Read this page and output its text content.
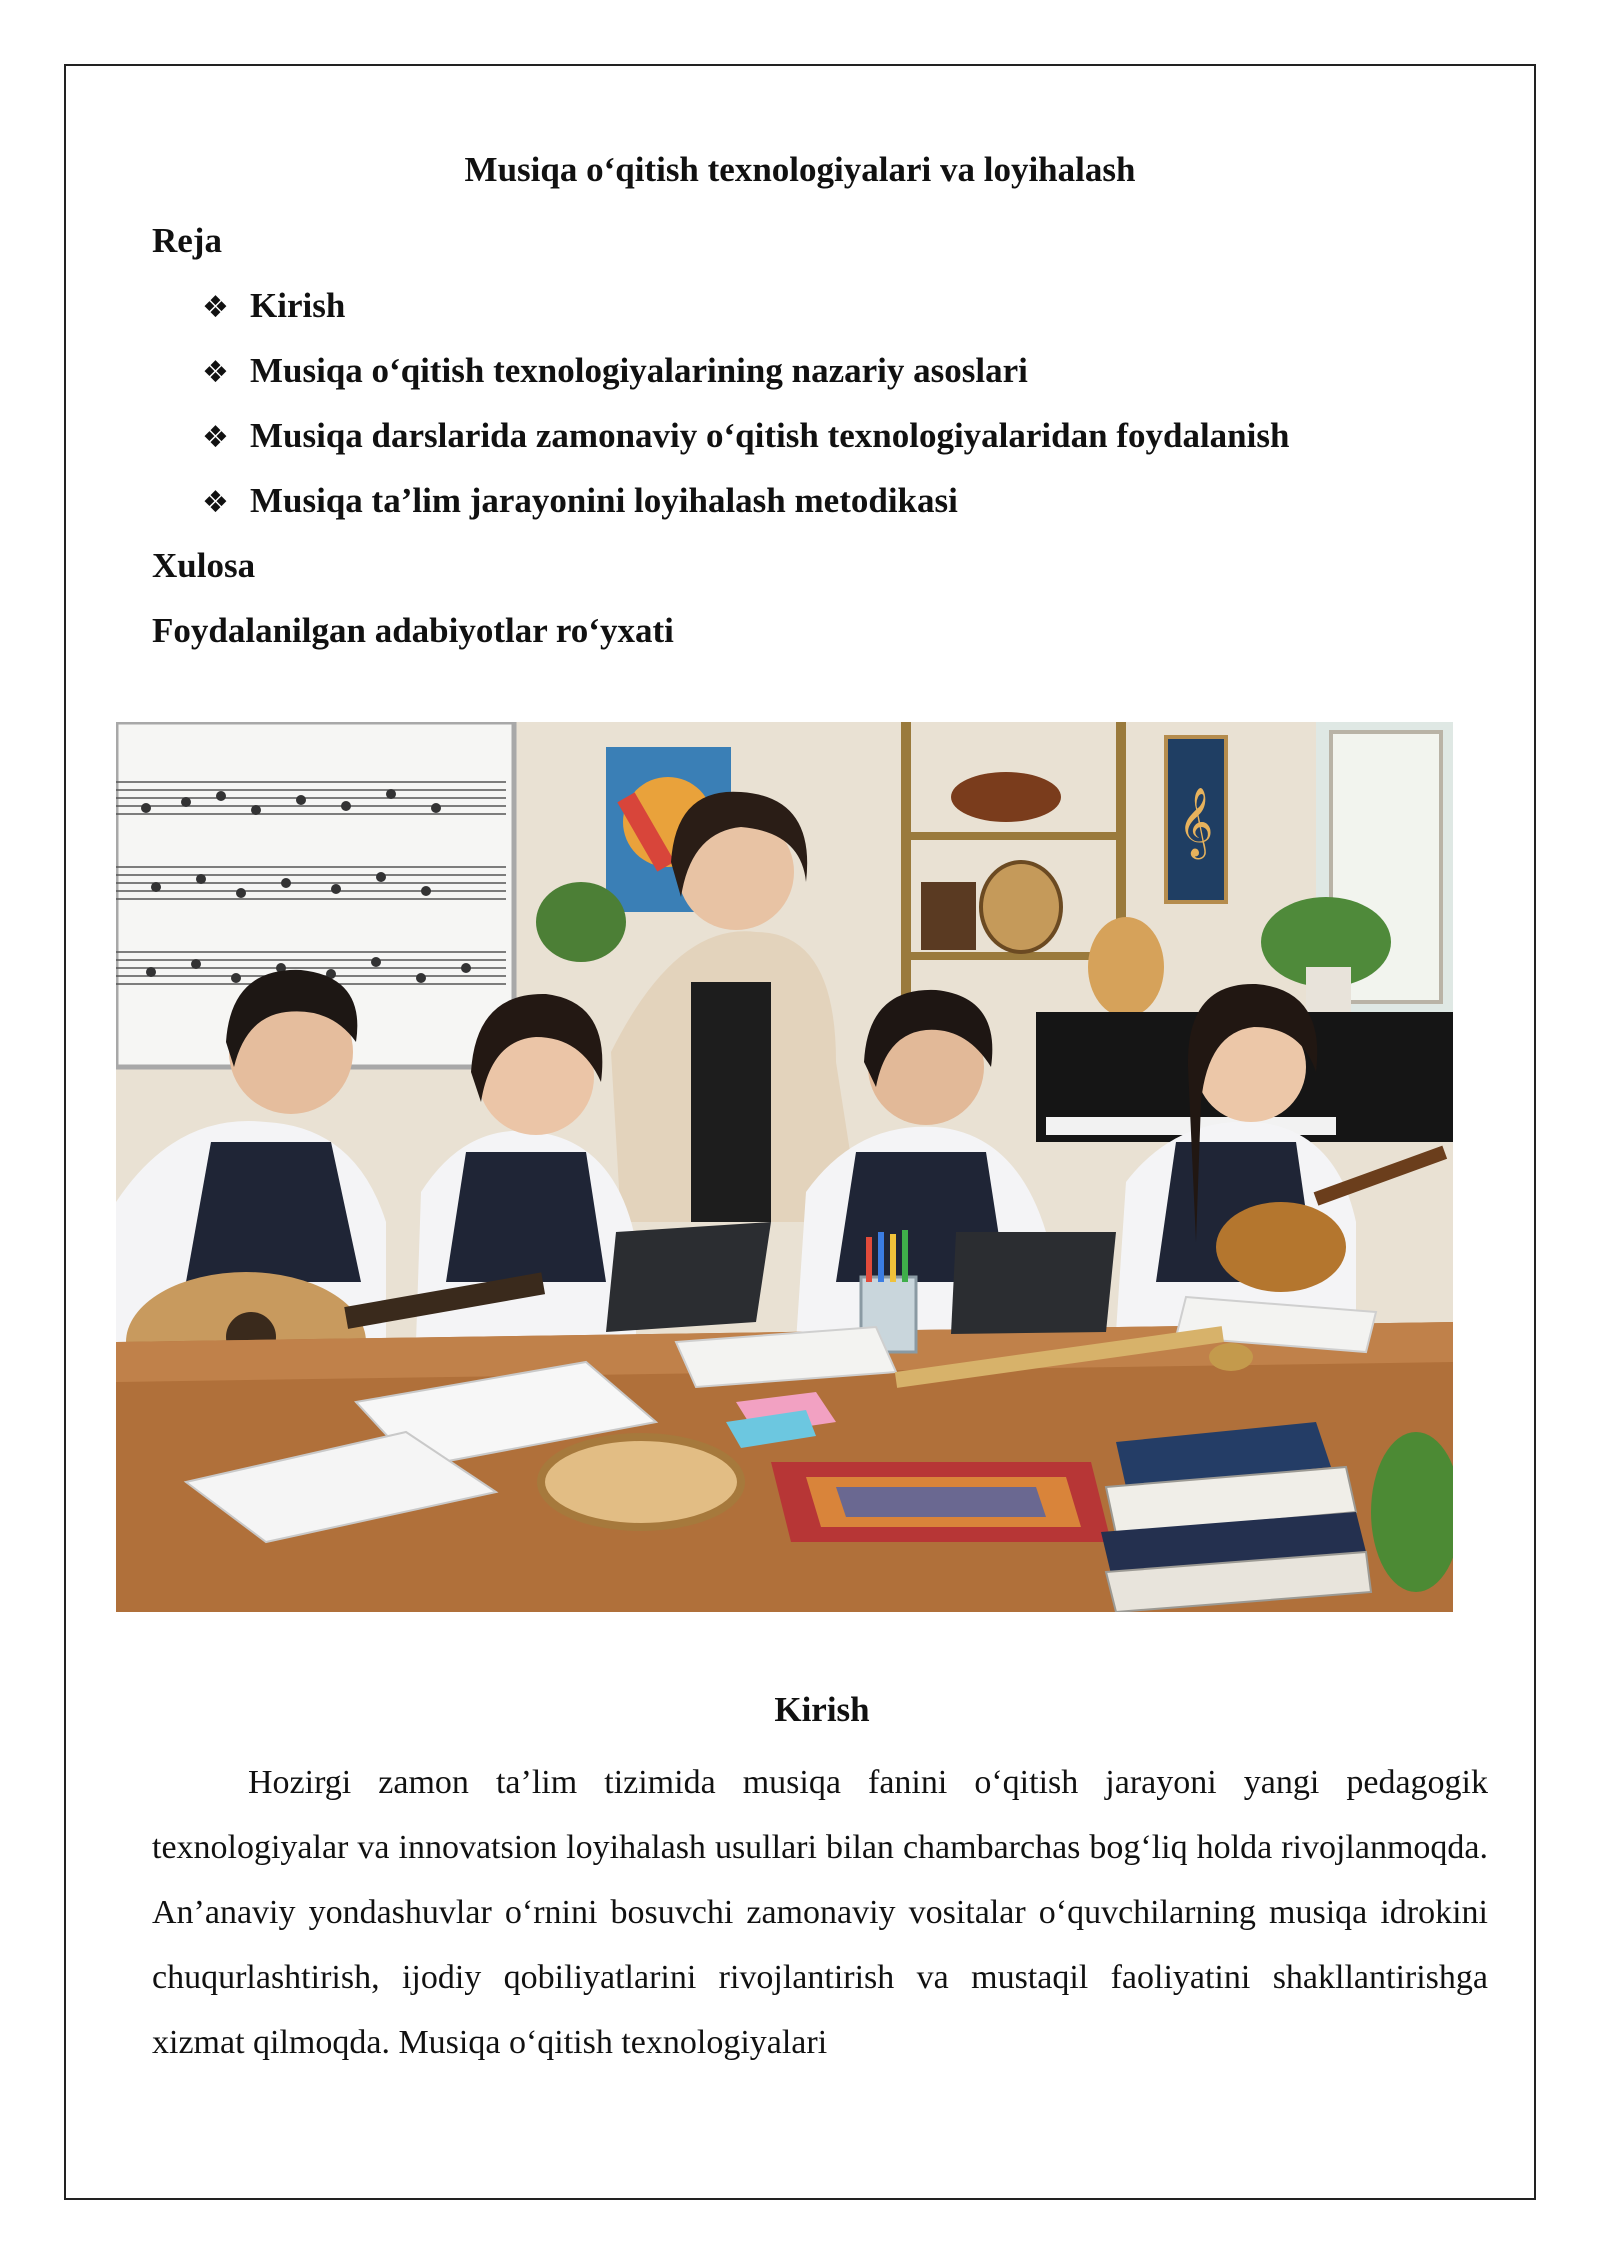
Musiqa o‘qitish texnologiyalari va loyihalash
Reja
❖ Kirish
❖ Musiqa o‘qitish texnologiyalarining nazariy asoslari
❖ Musiqa darslarida zamonaviy o‘qitish texnologiyalaridan foydalanish
❖ Musiqa ta’lim jarayonini loyihalash metodikasi
Xulosa
Foydalanilgan adabiyotlar ro‘yxati
𝄞
Kirish
Hozirgi zamon ta’lim tizimida musiqa fanini o‘qitish jarayoni yangi pedagogik texnologiyalar va innovatsion loyihalash usullari bilan chambarchas bog‘liq holda rivojlanmoqda. An’anaviy yondashuvlar o‘rnini bosuvchi zamonaviy vositalar o‘quvchilarning musiqa idrokini chuqurlashtirish, ijodiy qobiliyatlarini rivojlantirish va mustaqil faoliyatini shakllantirishga xizmat qilmoqda. Musiqa o‘qitish texnologiyalari
